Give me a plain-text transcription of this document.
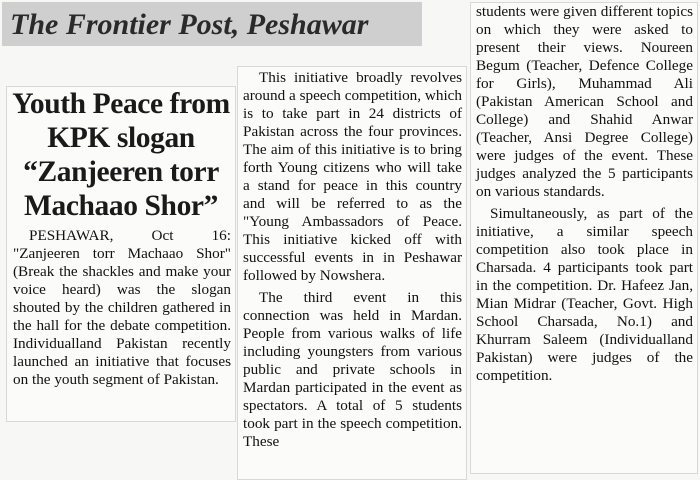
The Frontier Post, Peshawar
Youth Peace from KPK slogan “Zanjeeren torr Machaao Shor”

PESHAWAR, Oct 16: "Zanjeeren torr Machaao Shor" (Break the shackles and make your voice heard) was the slogan shouted by the children gathered in the hall for the debate competition. Individualland Pakistan recently launched an initiative that focuses on the youth segment of Pakistan.

This initiative broadly revolves around a speech competition, which is to take part in 24 districts of Pakistan across the four provinces. The aim of this initiative is to bring forth Young citizens who will take a stand for peace in this country and will be referred to as the "Young Ambassadors of Peace. This initiative kicked off with successful events in in Peshawar followed by Nowshera.

The third event in this connection was held in Mardan. People from various walks of life including youngsters from various public and private schools in Mardan participated in the event as spectators. A total of 5 students took part in the speech competition. These

students were given different topics on which they were asked to present their views. Noureen Begum (Teacher, Defence College for Girls), Muhammad Ali (Pakistan American School and College) and Shahid Anwar (Teacher, Ansi Degree College) were judges of the event. These judges analyzed the 5 participants on various standards.

Simultaneously, as part of the initiative, a similar speech competition also took place in Charsada. 4 participants took part in the competition. Dr. Hafeez Jan, Mian Midrar (Teacher, Govt. High School Charsada, No.1) and Khurram Saleem (Individualland Pakistan) were judges of the competition.
